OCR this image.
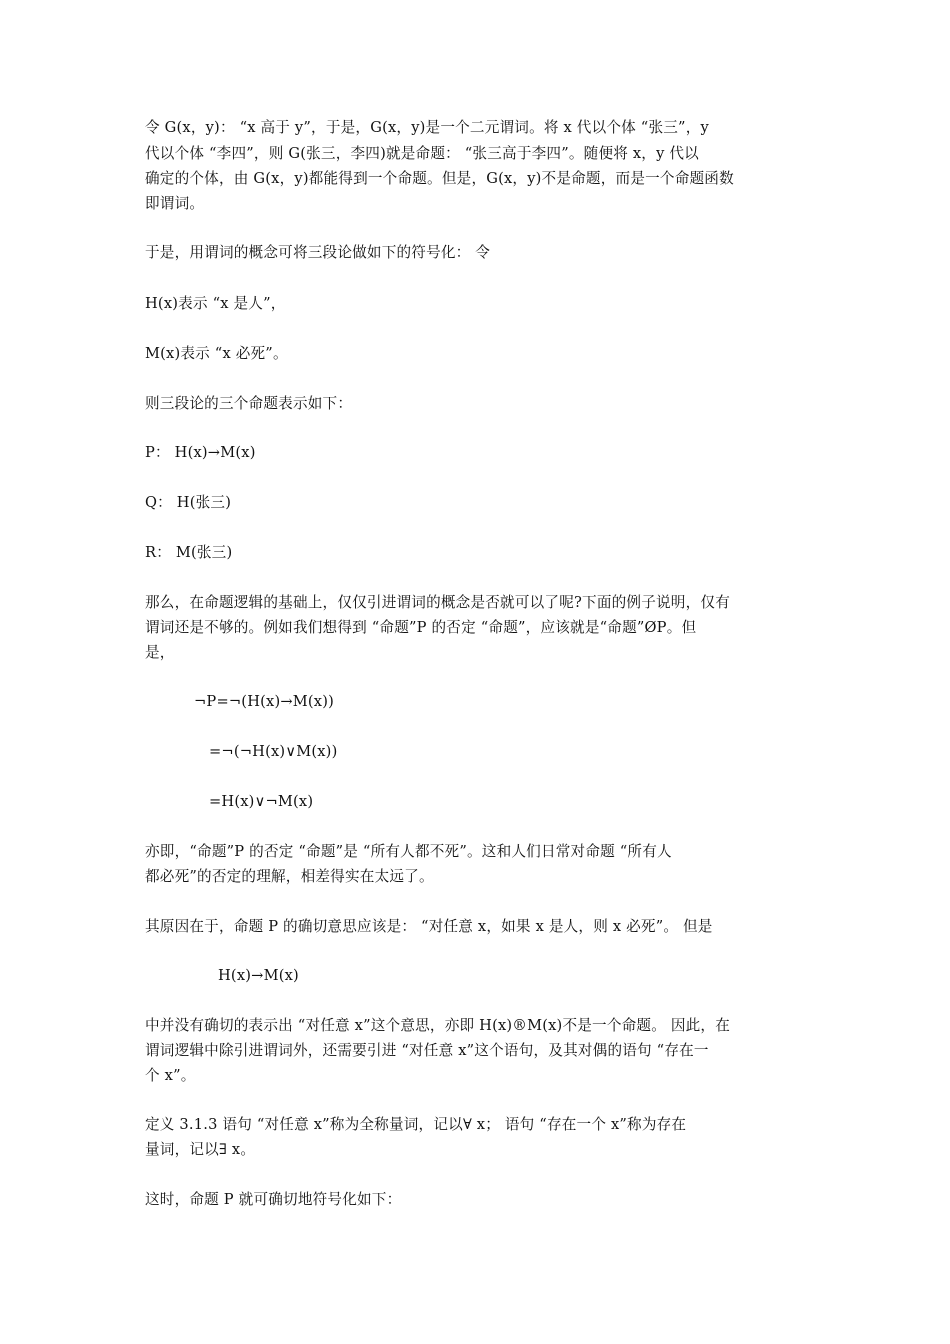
令 G(x，y)： “x 高于 y”，于是，G(x，y)是一个二元谓词。将 x 代以个体 “张三”，y

代以个体 “李四”，则 G(张三，李四)就是命题： “张三高于李四”。随便将 x，y 代以

确定的个体，由 G(x，y)都能得到一个命题。但是，G(x，y)不是命题，而是一个命题函数

即谓词。

于是，用谓词的概念可将三段论做如下的符号化： 令

H(x)表示 “x 是人”，

M(x)表示 “x 必死”。

则三段论的三个命题表示如下：

P： H(x)→M(x)

Q： H(张三)

R： M(张三)

那么，在命题逻辑的基础上，仅仅引进谓词的概念是否就可以了呢?下面的例子说明，仅有

谓词还是不够的。例如我们想得到 “命题”P 的否定 “命题”，应该就是“命题”ØP。但

是，

¬P=¬(H(x)→M(x))

=¬(¬H(x)∨M(x))

=H(x)∨¬M(x)

亦即，“命题”P 的否定 “命题”是 “所有人都不死”。这和人们日常对命题 “所有人

都必死”的否定的理解，相差得实在太远了。

其原因在于，命题 P 的确切意思应该是： “对任意 x，如果 x 是人，则 x 必死”。 但是

H(x)→M(x)

中并没有确切的表示出 “对任意 x”这个意思，亦即 H(x)®M(x)不是一个命题。 因此，在

谓词逻辑中除引进谓词外，还需要引进 “对任意 x”这个语句，及其对偶的语句 “存在一

个 x”。

定义 3.1.3 语句 “对任意 x”称为全称量词，记以∀ x； 语句 “存在一个 x”称为存在

量词，记以∃ x。

这时，命题 P 就可确切地符号化如下：
